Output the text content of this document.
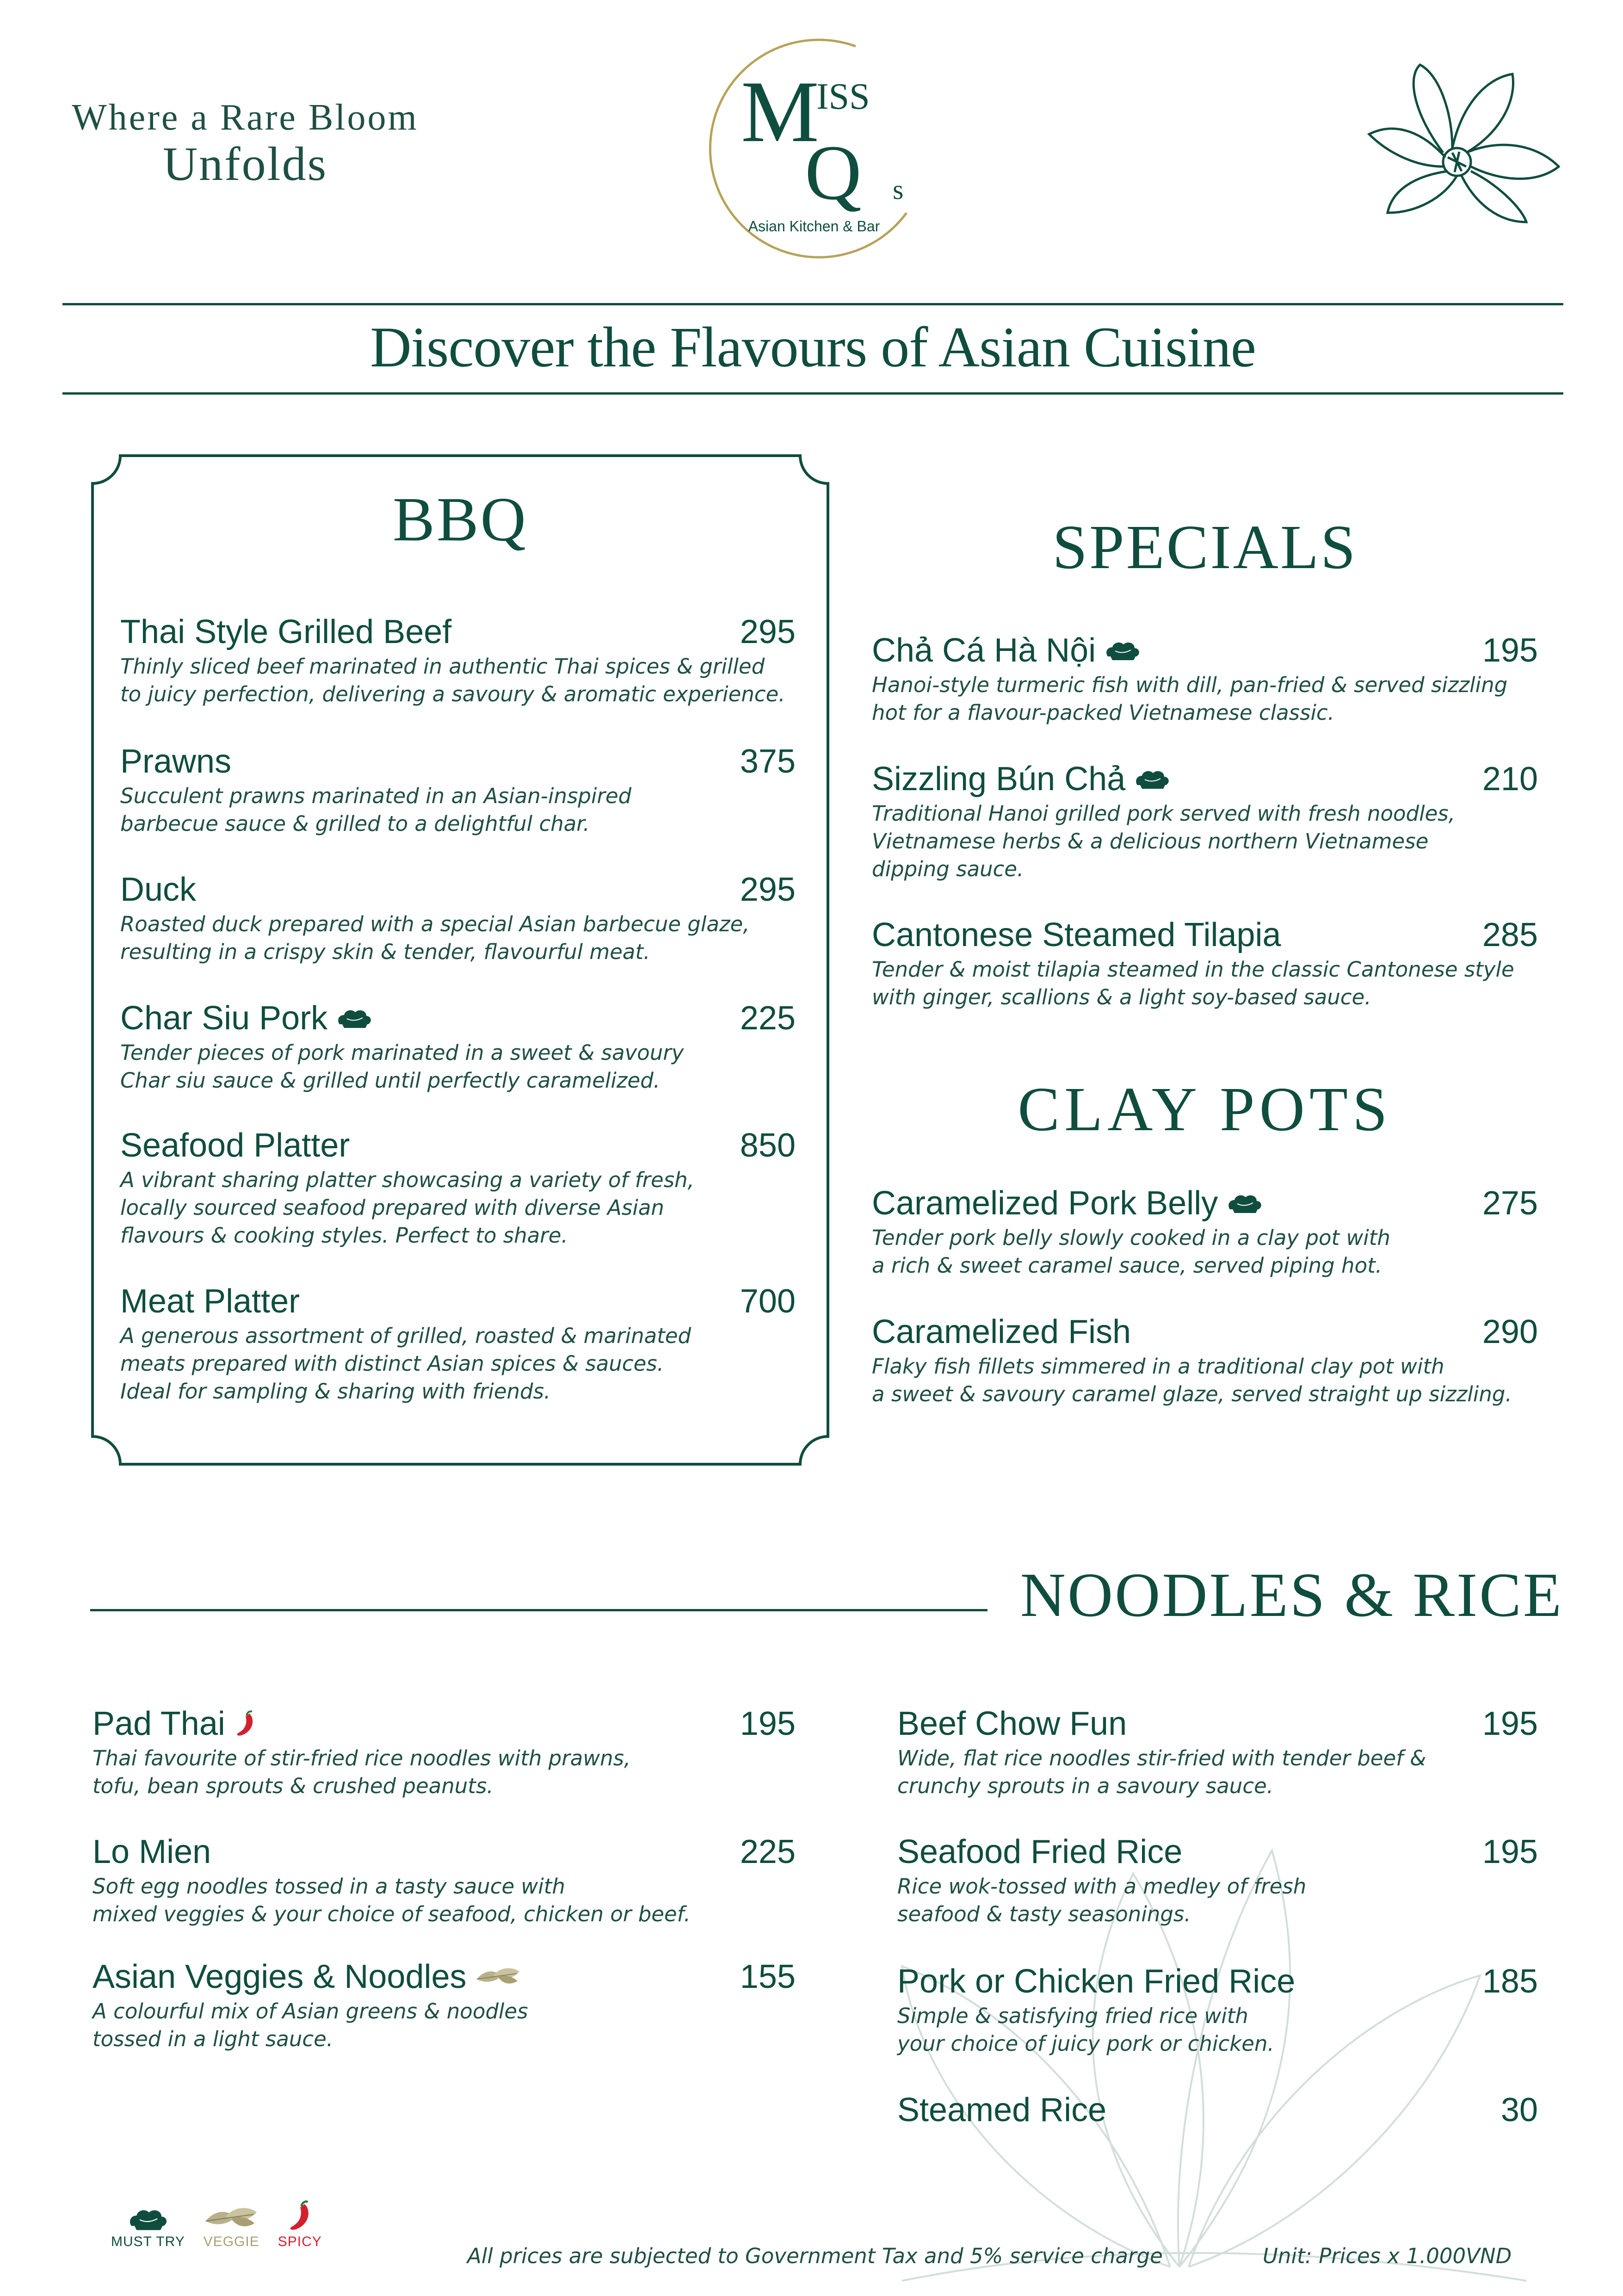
Where a Rare Bloom
Unfolds
M
ISS
Q s
Asian Kitchen & Bar
Discover the Flavours of Asian Cuisine
BBQ
Thai Style Grilled Beef	295
Thinly sliced beef marinated in authentic Thai spices & grilled
to juicy perfection, delivering a savoury & aromatic experience.
Prawns	375
Succulent prawns marinated in an Asian-inspired
barbecue sauce & grilled to a delightful char.
Duck	295
Roasted duck prepared with a special Asian barbecue glaze,
resulting in a crispy skin & tender, flavourful meat.
Char Siu Pork	225
Tender pieces of pork marinated in a sweet & savoury
Char siu sauce & grilled until perfectly caramelized.
Seafood Platter	850
A vibrant sharing platter showcasing a variety of fresh,
locally sourced seafood prepared with diverse Asian
flavours & cooking styles. Perfect to share.
Meat Platter	700
A generous assortment of grilled, roasted & marinated
meats prepared with distinct Asian spices & sauces.
Ideal for sampling & sharing with friends.
SPECIALS
Chả Cá Hà Nội	195
Hanoi-style turmeric fish with dill, pan-fried & served sizzling
hot for a flavour-packed Vietnamese classic.
Sizzling Bún Chả	210
Traditional Hanoi grilled pork served with fresh noodles,
Vietnamese herbs & a delicious northern Vietnamese
dipping sauce.
Cantonese Steamed Tilapia	285
Tender & moist tilapia steamed in the classic Cantonese style
with ginger, scallions & a light soy-based sauce.
CLAY POTS
Caramelized Pork Belly	275
Tender pork belly slowly cooked in a clay pot with
a rich & sweet caramel sauce, served piping hot.
Caramelized Fish	290
Flaky fish fillets simmered in a traditional clay pot with
a sweet & savoury caramel glaze, served straight up sizzling.
NOODLES & RICE
Pad Thai	195
Thai favourite of stir-fried rice noodles with prawns,
tofu, bean sprouts & crushed peanuts.
Lo Mien	225
Soft egg noodles tossed in a tasty sauce with
mixed veggies & your choice of seafood, chicken or beef.
Asian Veggies & Noodles	155
A colourful mix of Asian greens & noodles
tossed in a light sauce.
Beef Chow Fun	195
Wide, flat rice noodles stir-fried with tender beef &
crunchy sprouts in a savoury sauce.
Seafood Fried Rice	195
Rice wok-tossed with a medley of fresh
seafood & tasty seasonings.
Pork or Chicken Fried Rice	185
Simple & satisfying fried rice with
your choice of juicy pork or chicken.
Steamed Rice	30
MUST TRY VEGGIE SPICY
All prices are subjected to Government Tax and 5% service charge	Unit: Prices x 1.000VND
